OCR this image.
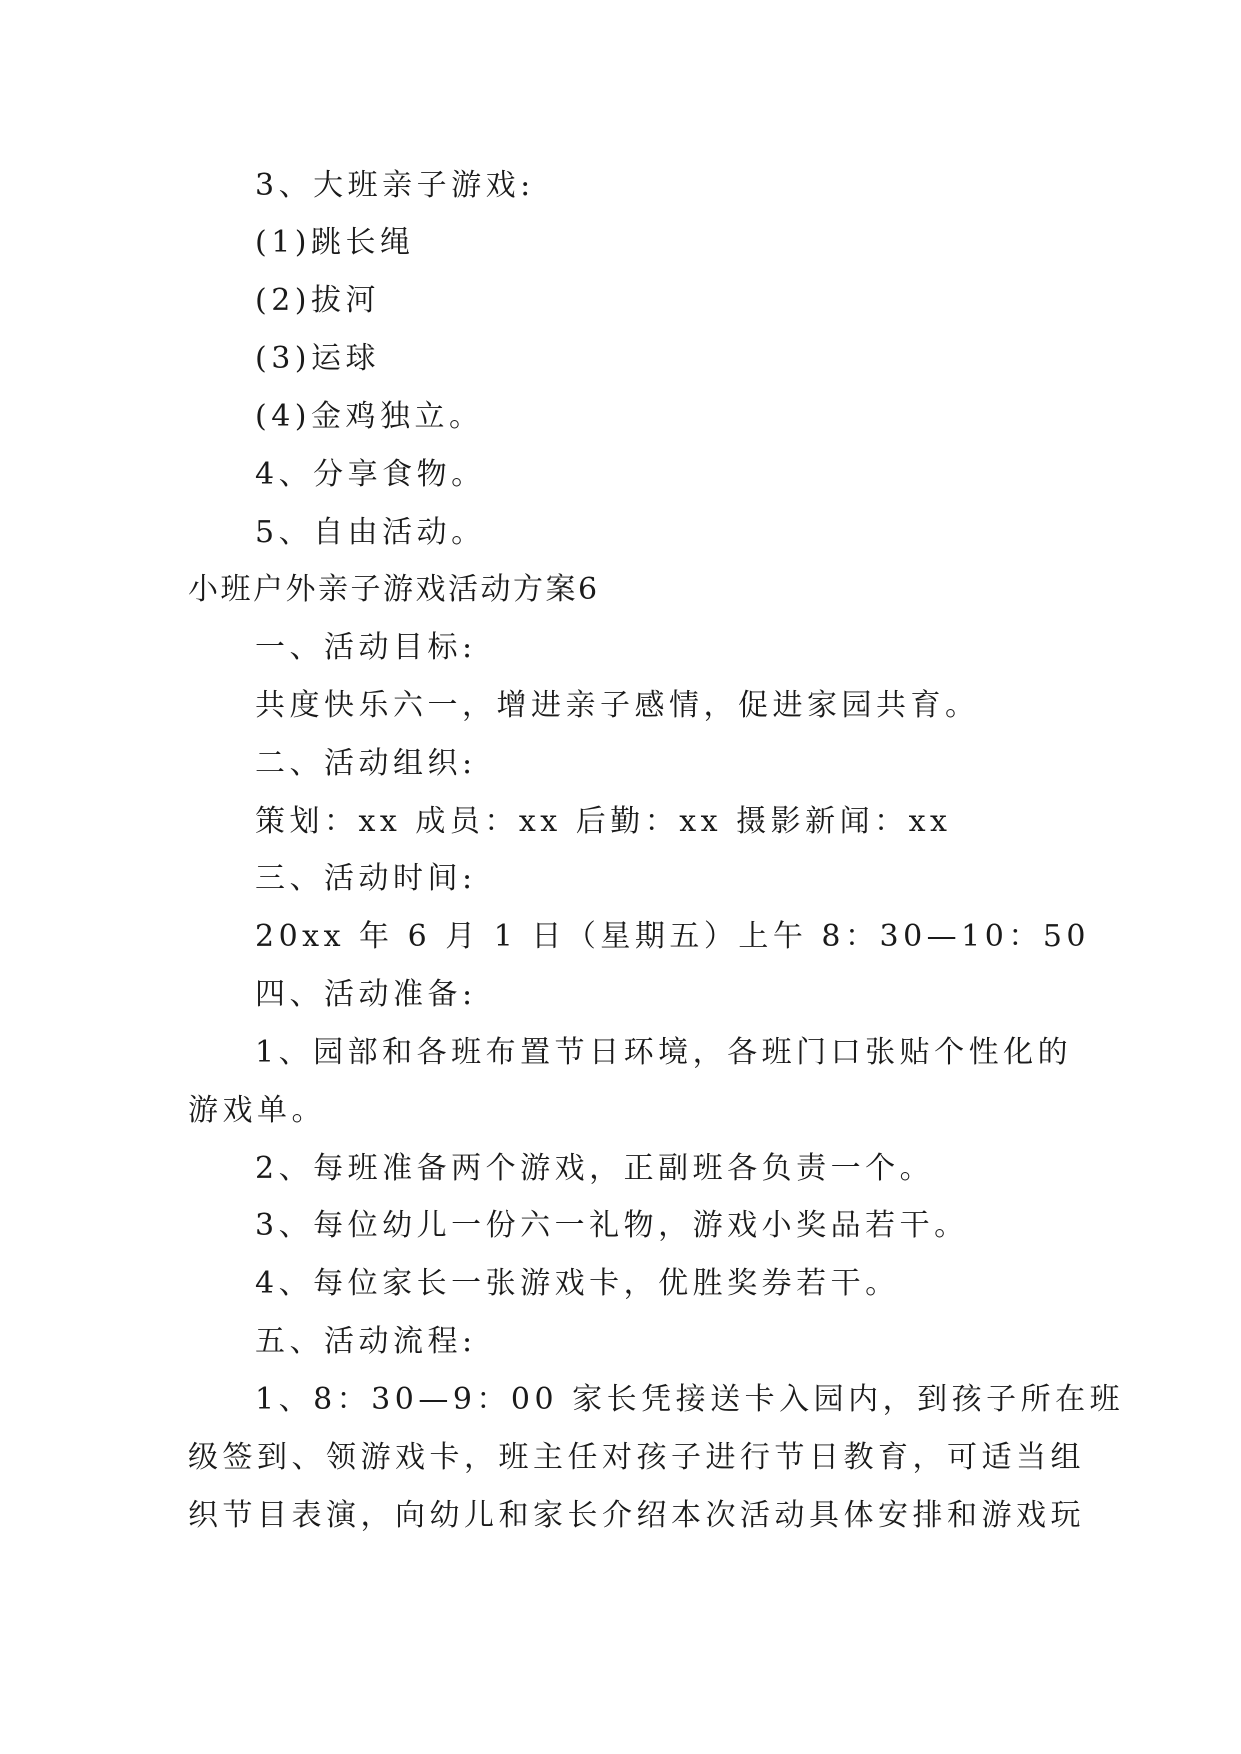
3、大班亲子游戏:

(1)跳长绳

(2)拔河

(3)运球

(4)金鸡独立。

4、分享食物。

5、自由活动。

小班户外亲子游戏活动方案6

一、活动目标:

共度快乐六一，增进亲子感情，促进家园共育。

二、活动组织:

策划：xx 成员：xx 后勤：xx 摄影新闻：xx

三、活动时间:

20xx 年 6 月 1 日（星期五）上午 8：30—10：50

四、活动准备:

1、园部和各班布置节日环境，各班门口张贴个性化的

游戏单。

2、每班准备两个游戏，正副班各负责一个。

3、每位幼儿一份六一礼物，游戏小奖品若干。

4、每位家长一张游戏卡，优胜奖券若干。

五、活动流程:

1、8：30—9：00 家长凭接送卡入园内，到孩子所在班

级签到、领游戏卡，班主任对孩子进行节日教育，可适当组

织节目表演，向幼儿和家长介绍本次活动具体安排和游戏玩
